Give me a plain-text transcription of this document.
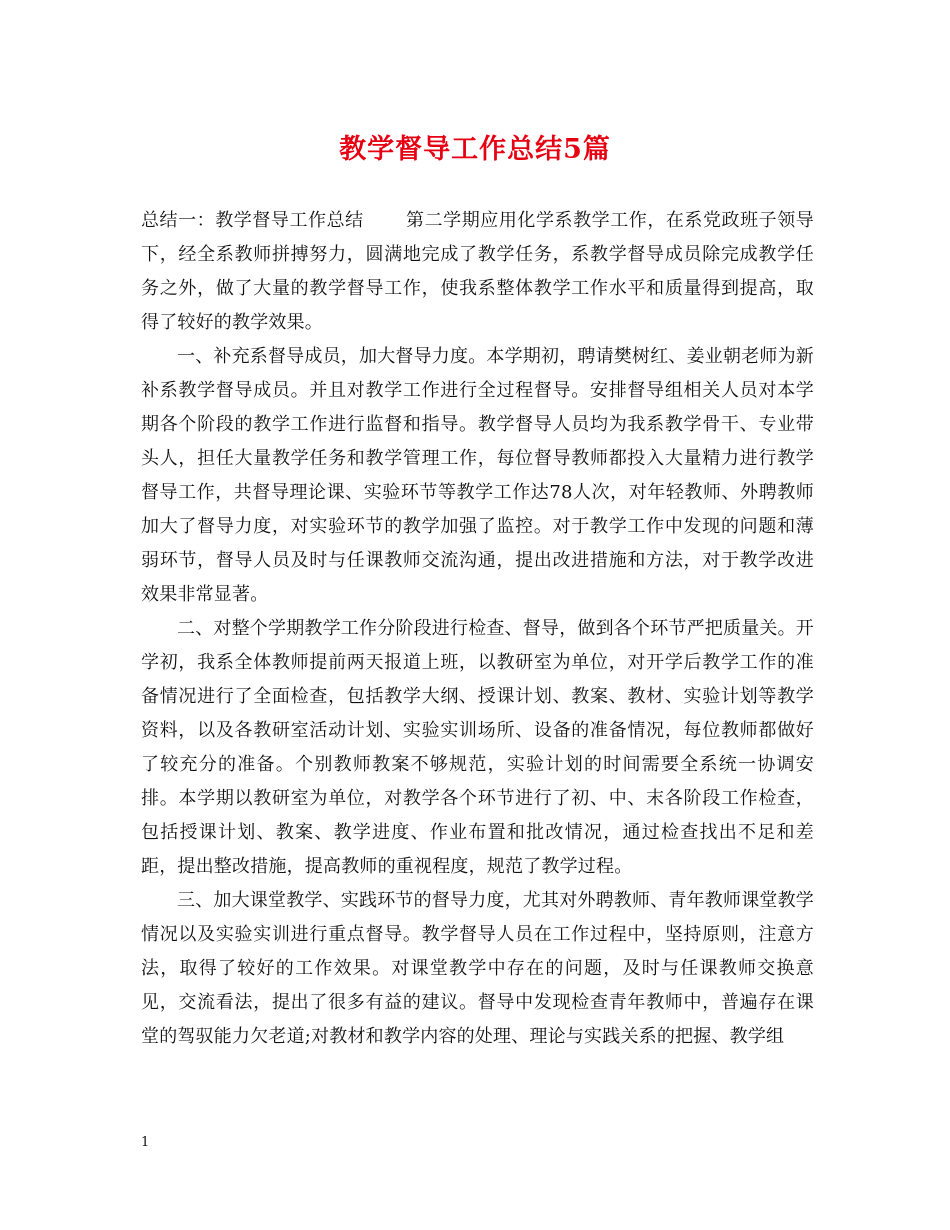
教学督导工作总结5篇

总结一：教学督导工作总结 第二学期应用化学系教学工作，在系党政班子领导下，经全系教师拼搏努力，圆满地完成了教学任务，系教学督导成员除完成教学任务之外，做了大量的教学督导工作，使我系整体教学工作水平和质量得到提高，取得了较好的教学效果。

一、补充系督导成员，加大督导力度。本学期初，聘请樊树红、姜业朝老师为新补系教学督导成员。并且对教学工作进行全过程督导。安排督导组相关人员对本学期各个阶段的教学工作进行监督和指导。教学督导人员均为我系教学骨干、专业带头人，担任大量教学任务和教学管理工作，每位督导教师都投入大量精力进行教学督导工作，共督导理论课、实验环节等教学工作达78人次，对年轻教师、外聘教师加大了督导力度，对实验环节的教学加强了监控。对于教学工作中发现的问题和薄弱环节，督导人员及时与任课教师交流沟通，提出改进措施和方法，对于教学改进效果非常显著。

二、对整个学期教学工作分阶段进行检查、督导，做到各个环节严把质量关。开学初，我系全体教师提前两天报道上班，以教研室为单位，对开学后教学工作的准备情况进行了全面检查，包括教学大纲、授课计划、教案、教材、实验计划等教学资料，以及各教研室活动计划、实验实训场所、设备的准备情况，每位教师都做好了较充分的准备。个别教师教案不够规范，实验计划的时间需要全系统一协调安排。本学期以教研室为单位，对教学各个环节进行了初、中、末各阶段工作检查，包括授课计划、教案、教学进度、作业布置和批改情况，通过检查找出不足和差距，提出整改措施，提高教师的重视程度，规范了教学过程。

三、加大课堂教学、实践环节的督导力度，尤其对外聘教师、青年教师课堂教学情况以及实验实训进行重点督导。教学督导人员在工作过程中，坚持原则，注意方法，取得了较好的工作效果。对课堂教学中存在的问题，及时与任课教师交换意见，交流看法，提出了很多有益的建议。督导中发现检查青年教师中，普遍存在课堂的驾驭能力欠老道;对教材和教学内容的处理、理论与实践关系的把握、教学组

1
